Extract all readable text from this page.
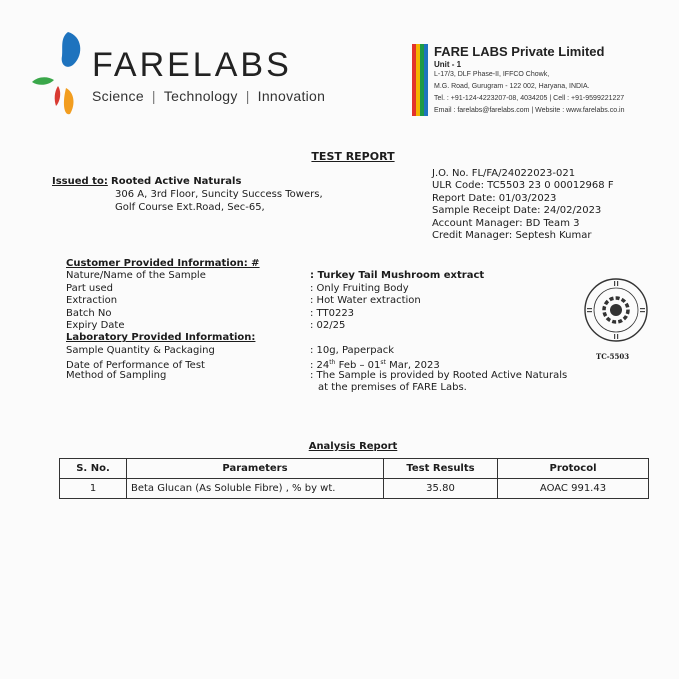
FARELABS
Science | Technology | Innovation
FARE LABS Private Limited
Unit - 1
L-17/3, DLF Phase-II, IFFCO Chowk,
M.G. Road, Gurugram - 122 002, Haryana, INDIA.
Tel. : +91-124-4223207-08, 4034205 | Cell : +91-9599221227
Email : farelabs@farelabs.com | Website : www.farelabs.co.in
TEST REPORT
Issued to: Rooted Active Naturals
306 A, 3rd Floor, Suncity Success Towers,
Golf Course Ext.Road, Sec-65,
J.O. No. FL/FA/24022023-021
ULR Code: TC5503 23 0 00012968 F
Report Date: 01/03/2023
Sample Receipt Date: 24/02/2023
Account Manager: BD Team 3
Credit Manager: Septesh Kumar
Customer Provided Information: #
Nature/Name of the Sample	: Turkey Tail Mushroom extract
Part used	: Only Fruiting Body
Extraction	: Hot Water extraction
Batch No	: TT0223
Expiry Date	: 02/25
Laboratory Provided Information:
Sample Quantity & Packaging	: 10g, Paperpack
Date of Performance of Test	: 24th Feb – 01st Mar, 2023
Method of Sampling	: The Sample is provided by Rooted Active Naturals
at the premises of FARE Labs.
TC-5503
Analysis Report
S. No.	Parameters	Test Results	Protocol
1	Beta Glucan (As Soluble Fibre) , % by wt.	35.80	AOAC 991.43
